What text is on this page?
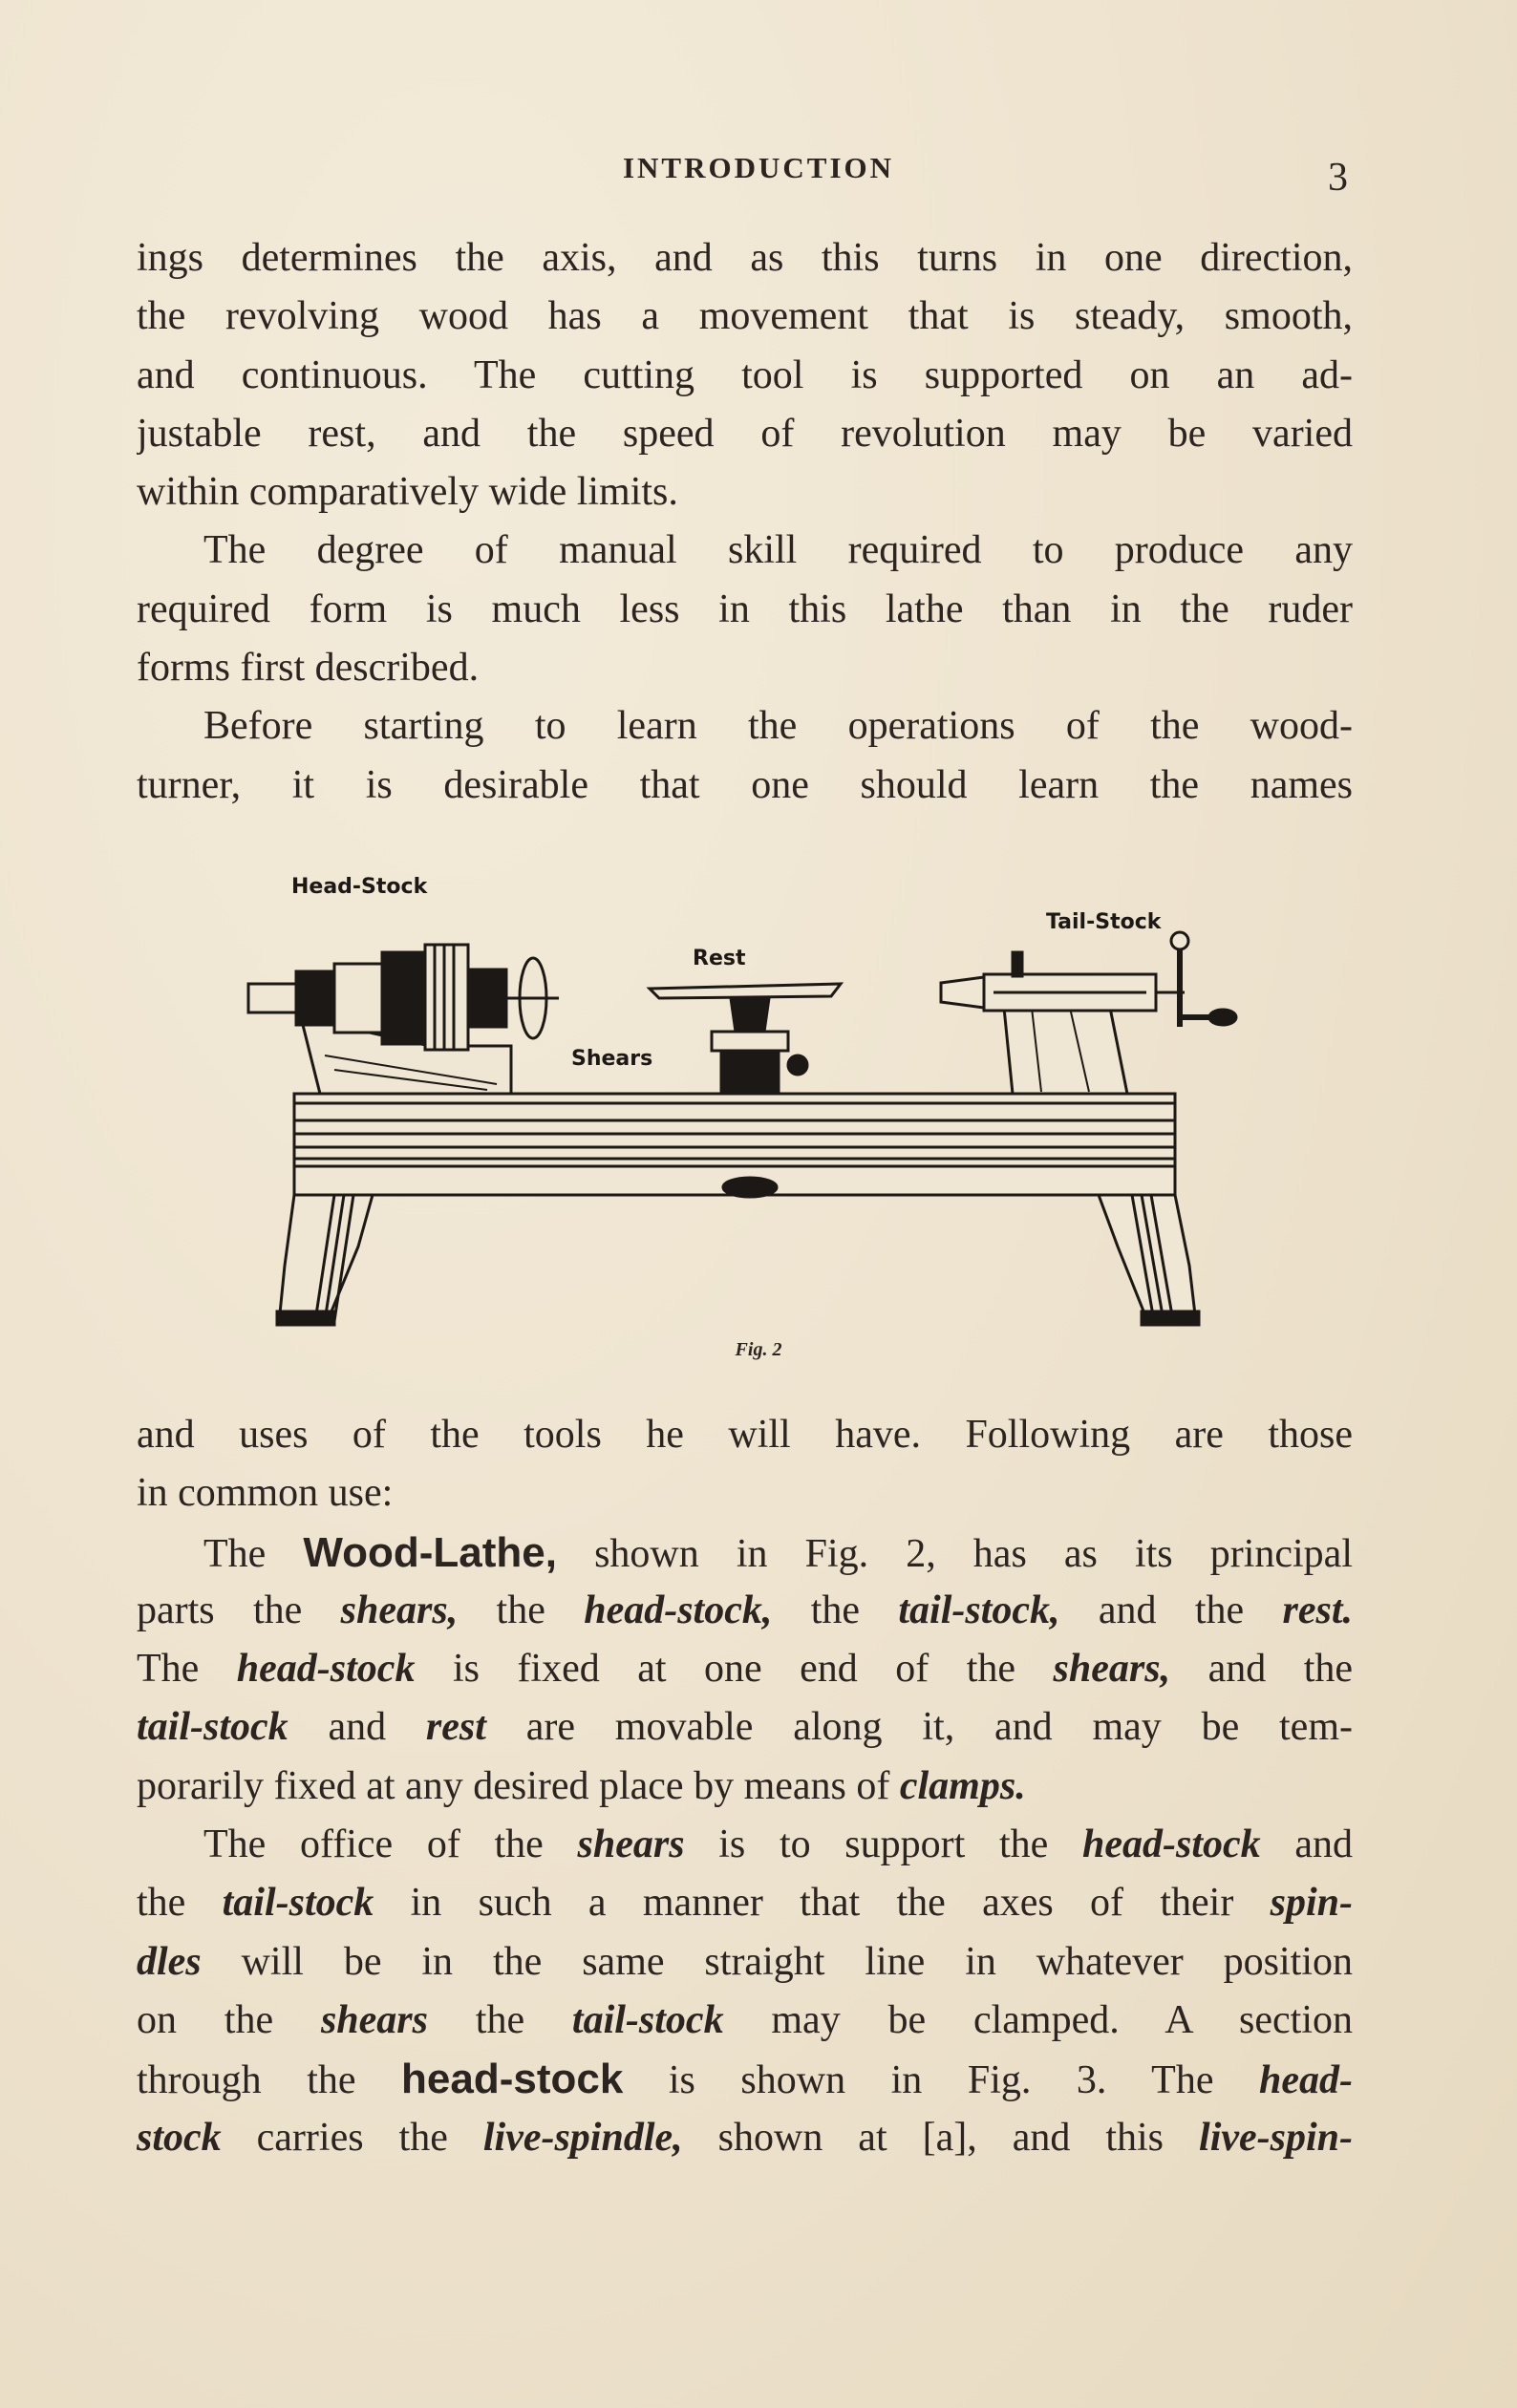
INTRODUCTION	3
ings determines the axis, and as this turns in one direction,
the revolving wood has a movement that is steady, smooth,
and continuous. The cutting tool is supported on an ad-
justable rest, and the speed of revolution may be varied
within comparatively wide limits.
The degree of manual skill required to produce any
required form is much less in this lathe than in the ruder
forms first described.
Before starting to learn the operations of the wood-
turner, it is desirable that one should learn the names
Head-Stock
Tail-Stock
Rest
Shears
Fig. 2
and uses of the tools he will have. Following are those
in common use:
The Wood-Lathe, shown in Fig. 2, has as its principal
parts the shears, the head-stock, the tail-stock, and the rest.
The head-stock is fixed at one end of the shears, and the
tail-stock and rest are movable along it, and may be tem-
porarily fixed at any desired place by means of clamps.
The office of the shears is to support the head-stock and
the tail-stock in such a manner that the axes of their spin-
dles will be in the same straight line in whatever position
on the shears the tail-stock may be clamped. A section
through the head-stock is shown in Fig. 3. The head-
stock carries the live-spindle, shown at [a], and this live-spin-
